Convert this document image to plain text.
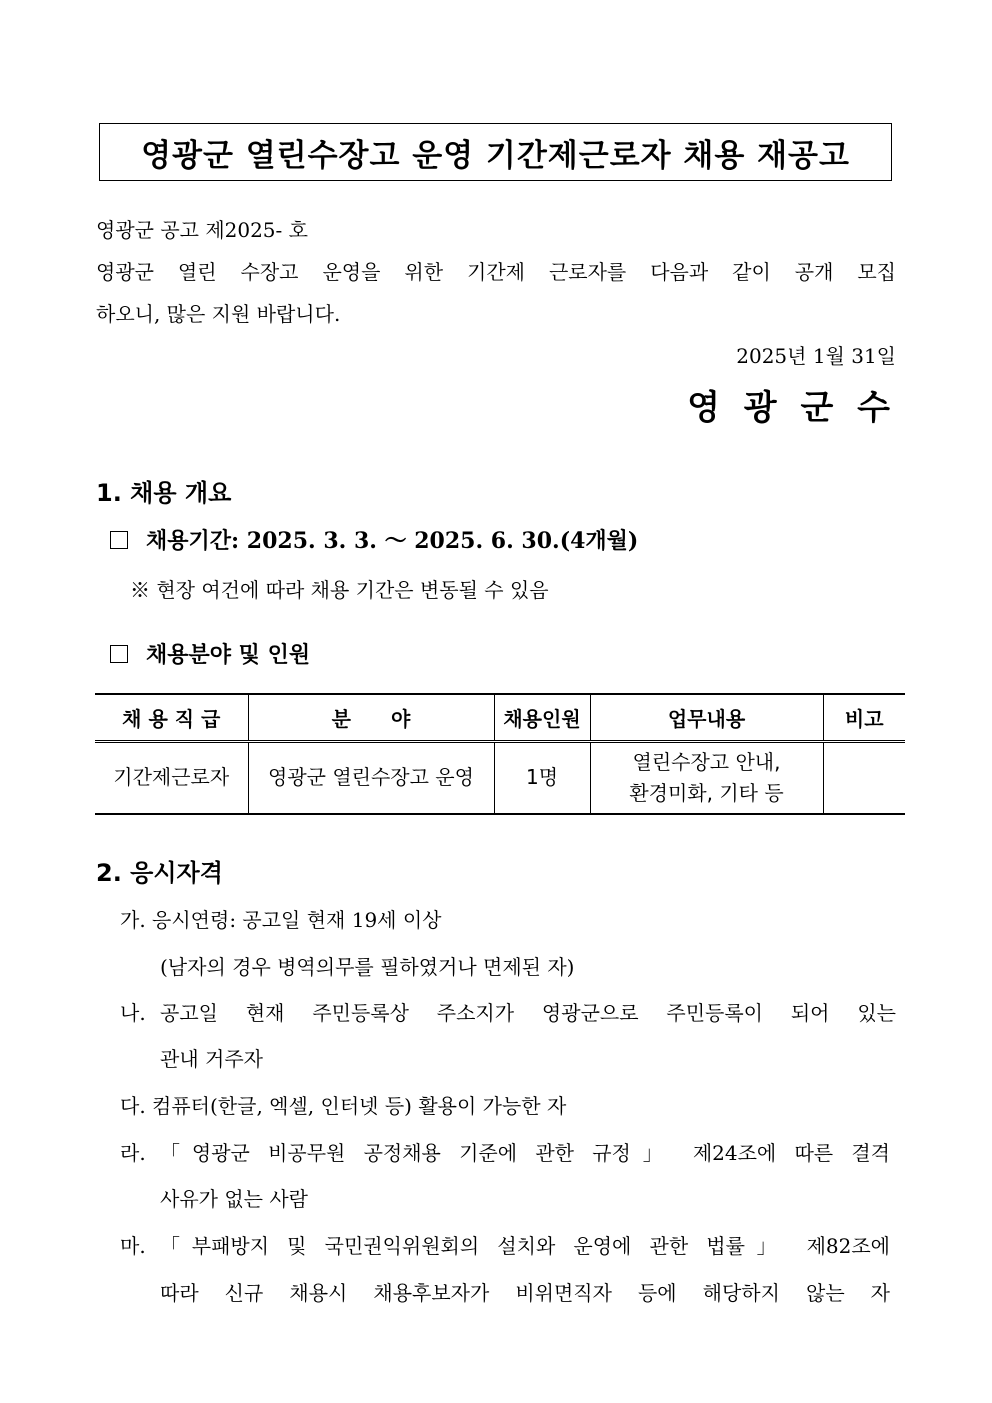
영광군 열린수장고 운영 기간제근로자 채용 재공고
영광군 공고 제2025- 호
영광군 열린 수장고 운영을 위한 기간제 근로자를 다음과 같이 공개 모집
하오니, 많은 지원 바랍니다.
2025년 1월 31일
영 광 군 수
1. 채용 개요
채용기간: 2025. 3. 3. ～ 2025. 6. 30.(4개월)
※ 현장 여건에 따라 채용 기간은 변동될 수 있음
채용분야 및 인원
채 용 직 급	분　　야	채용인원	업무내용	비고
기간제근로자	영광군 열린수장고 운영	1명	열린수장고 안내,
환경미화, 기타 등	

2. 응시자격
가. 응시연령: 공고일 현재 19세 이상
(남자의 경우 병역의무를 필하였거나 면제된 자)
나. 공고일 현재 주민등록상 주소지가 영광군으로 주민등록이 되어 있는
관내 거주자
다. 컴퓨터(한글, 엑셀, 인터넷 등) 활용이 가능한 자
라. 「영광군 비공무원 공정채용 기준에 관한 규정」 제24조에 따른 결격
사유가 없는 사람
마. 「부패방지 및 국민권익위원회의 설치와 운영에 관한 법률」 제82조에
따라 신규 채용시 채용후보자가 비위면직자 등에 해당하지 않는 자
